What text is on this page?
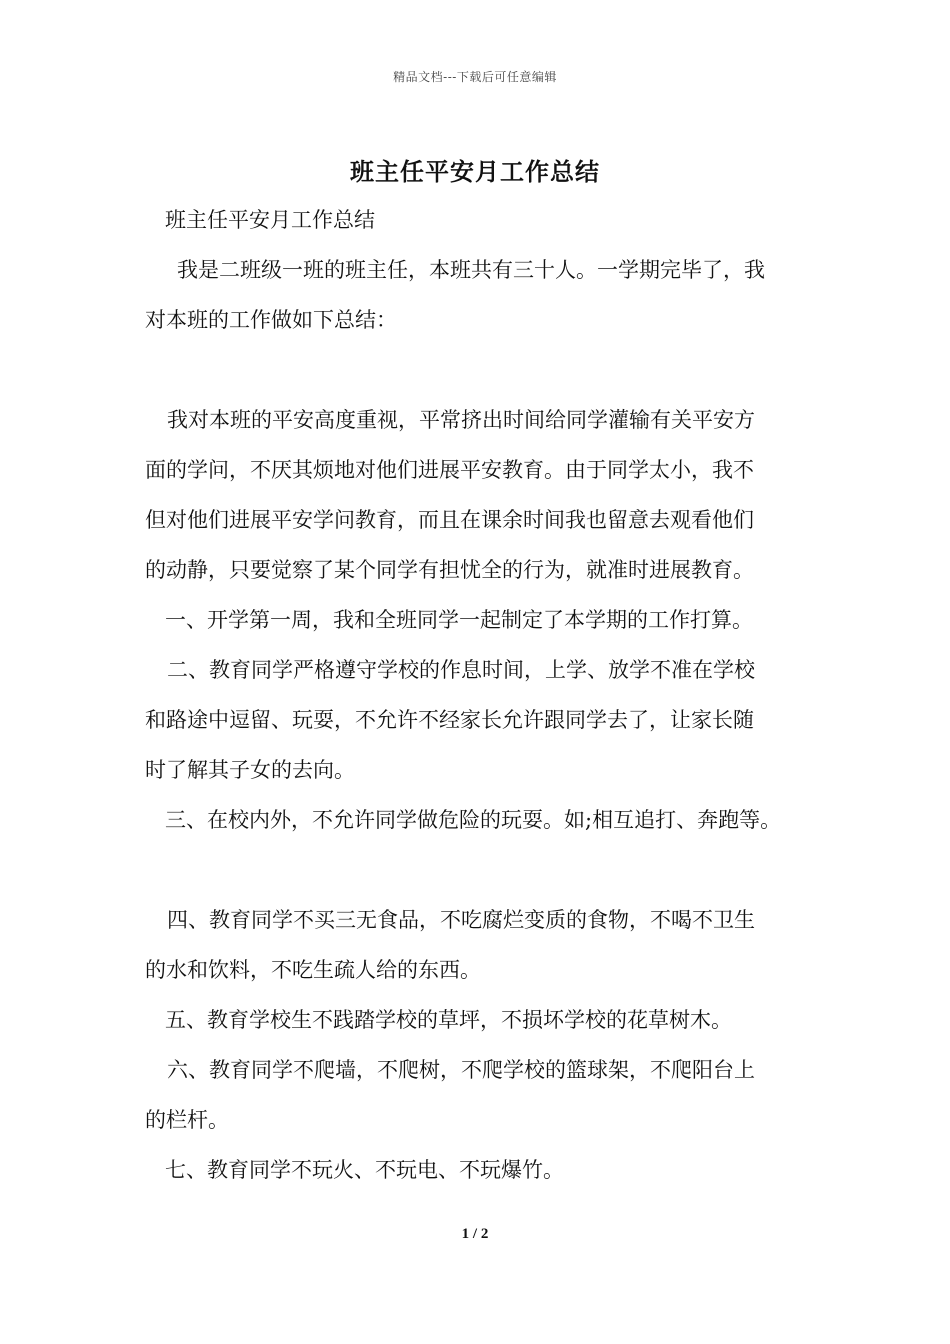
精品文档---下载后可任意编辑
班主任平安月工作总结
班主任平安月工作总结
我是二班级一班的班主任，本班共有三十人。一学期完毕了，我
对本班的工作做如下总结：
我对本班的平安高度重视，平常挤出时间给同学灌输有关平安方
面的学问，不厌其烦地对他们进展平安教育。由于同学太小，我不
但对他们进展平安学问教育，而且在课余时间我也留意去观看他们
的动静，只要觉察了某个同学有担忧全的行为，就准时进展教育。
一、开学第一周，我和全班同学一起制定了本学期的工作打算。
二、教育同学严格遵守学校的作息时间，上学、放学不准在学校
和路途中逗留、玩耍，不允许不经家长允许跟同学去了，让家长随
时了解其子女的去向。
三、在校内外，不允许同学做危险的玩耍。如;相互追打、奔跑等。
四、教育同学不买三无食品，不吃腐烂变质的食物，不喝不卫生
的水和饮料，不吃生疏人给的东西。
五、教育学校生不践踏学校的草坪，不损坏学校的花草树木。
六、教育同学不爬墙，不爬树，不爬学校的篮球架，不爬阳台上
的栏杆。
七、教育同学不玩火、不玩电、不玩爆竹。
1 / 2
